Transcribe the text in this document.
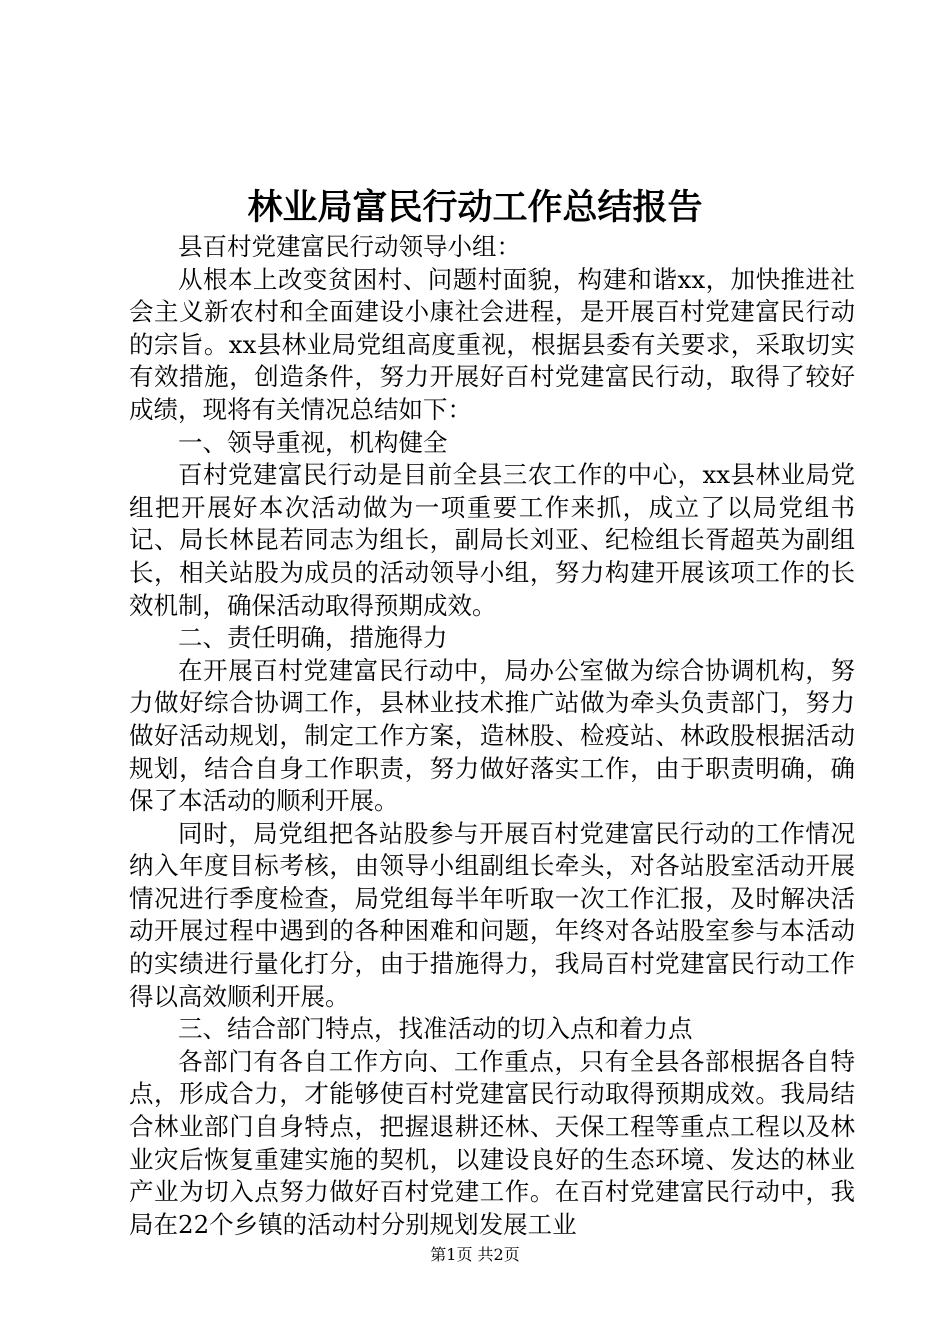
林业局富民行动工作总结报告

县百村党建富民行动领导小组：

从根本上改变贫困村、问题村面貌，构建和谐xx，加快推进社会主义新农村和全面建设小康社会进程，是开展百村党建富民行动的宗旨。xx县林业局党组高度重视，根据县委有关要求，采取切实有效措施，创造条件，努力开展好百村党建富民行动，取得了较好成绩，现将有关情况总结如下：

一、领导重视，机构健全

百村党建富民行动是目前全县三农工作的中心，xx县林业局党组把开展好本次活动做为一项重要工作来抓，成立了以局党组书记、局长林昆若同志为组长，副局长刘亚、纪检组长胥超英为副组长，相关站股为成员的活动领导小组，努力构建开展该项工作的长效机制，确保活动取得预期成效。

二、责任明确，措施得力

在开展百村党建富民行动中，局办公室做为综合协调机构，努力做好综合协调工作，县林业技术推广站做为牵头负责部门，努力做好活动规划，制定工作方案，造林股、检疫站、林政股根据活动规划，结合自身工作职责，努力做好落实工作，由于职责明确，确保了本活动的顺利开展。

同时，局党组把各站股参与开展百村党建富民行动的工作情况纳入年度目标考核，由领导小组副组长牵头，对各站股室活动开展情况进行季度检查，局党组每半年听取一次工作汇报，及时解决活动开展过程中遇到的各种困难和问题，年终对各站股室参与本活动的实绩进行量化打分，由于措施得力，我局百村党建富民行动工作得以高效顺利开展。

三、结合部门特点，找准活动的切入点和着力点

各部门有各自工作方向、工作重点，只有全县各部根据各自特点，形成合力，才能够使百村党建富民行动取得预期成效。我局结合林业部门自身特点，把握退耕还林、天保工程等重点工程以及林业灾后恢复重建实施的契机，以建设良好的生态环境、发达的林业产业为切入点努力做好百村党建工作。在百村党建富民行动中，我局在22个乡镇的活动村分别规划发展工业

第1页 共2页
